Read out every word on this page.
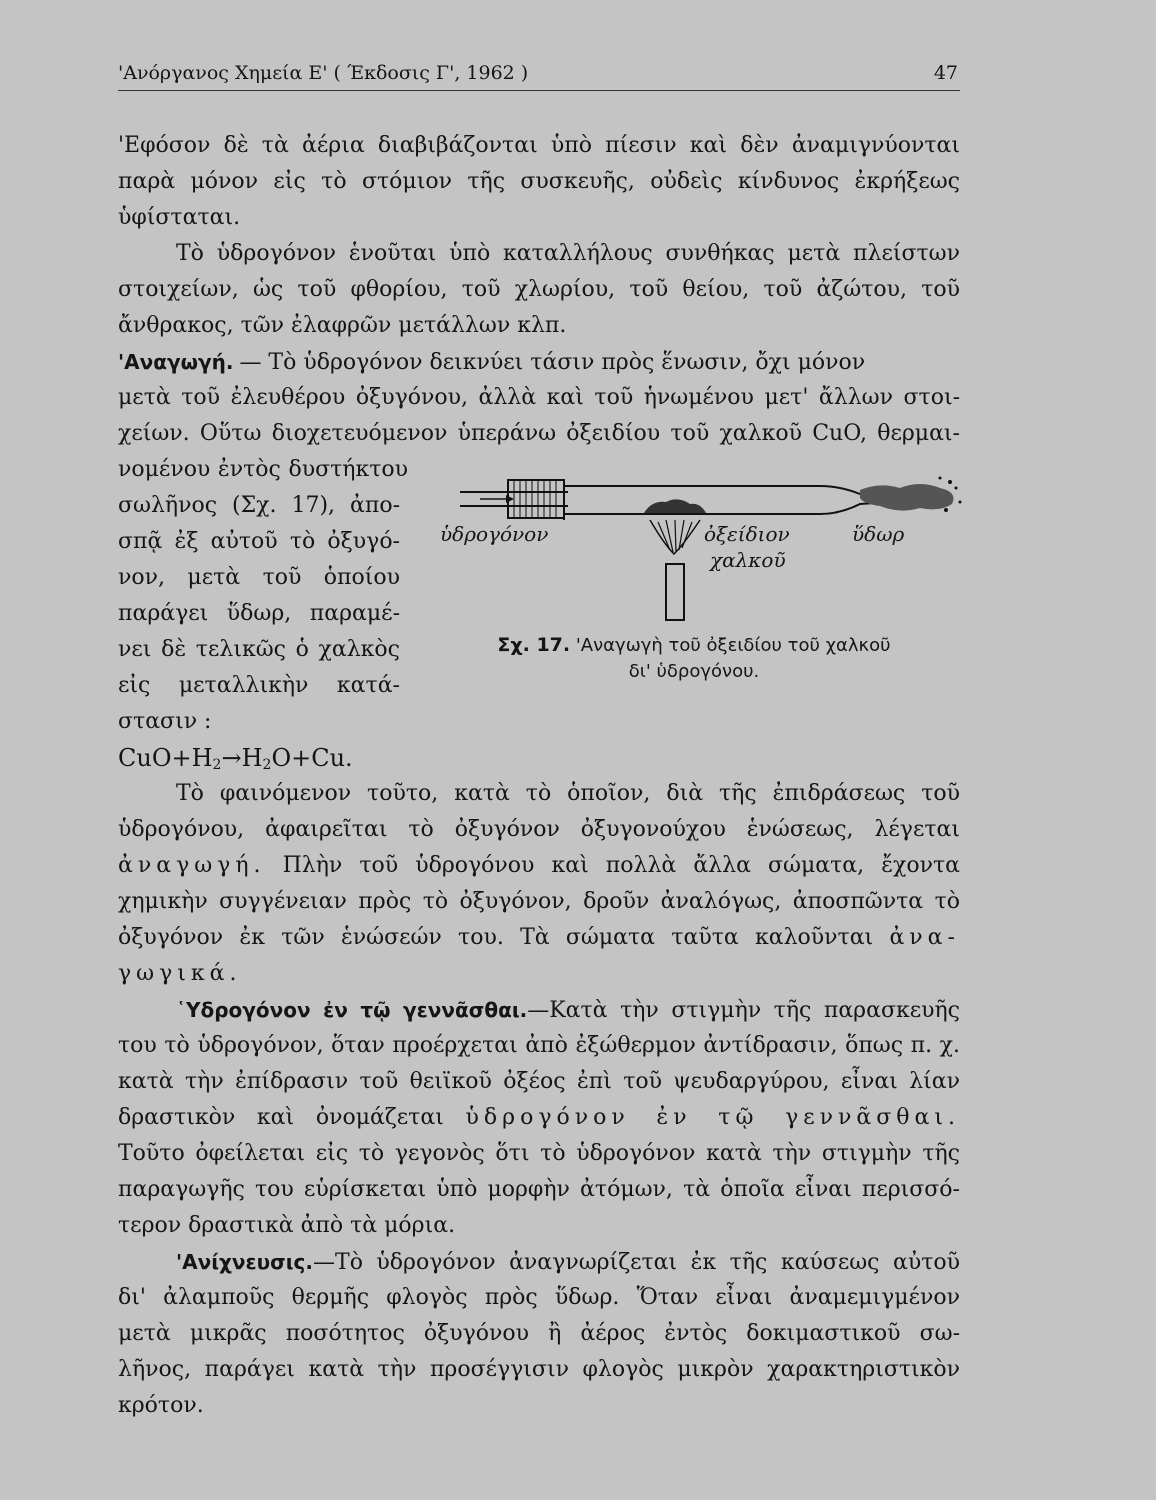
'Ανόργανος Χημεία Ε' ( Έκδοσις Γ', 1962 )	47
'Εφόσον δὲ τὰ ἀέρια διαβιβάζονται ὑπὸ πίεσιν καὶ δὲν ἀναμιγνύονται
παρὰ μόνον εἰς τὸ στόμιον τῆς συσκευῆς, οὐδεὶς κίνδυνος ἐκρήξεως
ὑφίσταται.
Τὸ ὑδρογόνον ἑνοῦται ὑπὸ καταλλήλους συνθήκας μετὰ πλείστων
στοιχείων, ὡς τοῦ φθορίου, τοῦ χλωρίου, τοῦ θείου, τοῦ ἀζώτου, τοῦ
ἄνθρακος, τῶν ἐλαφρῶν μετάλλων κλπ.
'Αναγωγή. — Τὸ ὑδρογόνον δεικνύει τάσιν πρὸς ἕνωσιν, ὄχι μόνον
μετὰ τοῦ ἐλευθέρου ὀξυγόνου, ἀλλὰ καὶ τοῦ ἡνωμένου μετ' ἄλλων στοι-
χείων. Οὕτω διοχετευόμενον ὑπεράνω ὀξειδίου τοῦ χαλκοῦ CuO, θερμαι-
νομένου ἐντὸς δυστήκτου
σωλῆνος (Σχ. 17), ἀπο-
σπᾷ ἐξ αὐτοῦ τὸ ὀξυγό-
νον, μετὰ τοῦ ὁποίου
παράγει ὕδωρ, παραμέ-
νει δὲ τελικῶς ὁ χαλκὸς
εἰς μεταλλικὴν κατά-
στασιν :
$CuO+H_2\to H_2O+Cu$.
ὑδρογόνον	ὀξείδιον
χαλκοῦ
ὕδωρ
Σχ. 17. 'Αναγωγὴ τοῦ ὀξειδίου τοῦ χαλκοῦ
δι' ὑδρογόνου.
Τὸ φαινόμενον τοῦτο, κατὰ τὸ ὁποῖον, διὰ τῆς ἐπιδράσεως τοῦ
ὑδρογόνου, ἀφαιρεῖται τὸ ὀξυγόνον ὀξυγονούχου ἑνώσεως, λέγεται
ἀναγωγή. Πλὴν τοῦ ὑδρογόνου καὶ πολλὰ ἄλλα σώματα, ἔχοντα
χημικὴν συγγένειαν πρὸς τὸ ὀξυγόνον, δροῦν ἀναλόγως, ἀποσπῶντα τὸ
ὀξυγόνον ἐκ τῶν ἑνώσεών του. Τὰ σώματα ταῦτα καλοῦνται ἀνα-
γωγικά.
῾Υδρογόνον ἐν τῷ γεννᾶσθαι.—Κατὰ τὴν στιγμὴν τῆς παρασκευῆς
του τὸ ὑδρογόνον, ὅταν προέρχεται ἀπὸ ἐξώθερμον ἀντίδρασιν, ὅπως π. χ.
κατὰ τὴν ἐπίδρασιν τοῦ θειϊκοῦ ὀξέος ἐπὶ τοῦ ψευδαργύρου, εἶναι λίαν
δραστικὸν καὶ ὀνομάζεται ὑδρογόνον ἐν τῷ γεννᾶσθαι.
Τοῦτο ὀφείλεται εἰς τὸ γεγονὸς ὅτι τὸ ὑδρογόνον κατὰ τὴν στιγμὴν τῆς
παραγωγῆς του εὑρίσκεται ὑπὸ μορφὴν ἀτόμων, τὰ ὁποῖα εἶναι περισσό-
τερον δραστικὰ ἀπὸ τὰ μόρια.
'Ανίχνευσις.—Τὸ ὑδρογόνον ἀναγνωρίζεται ἐκ τῆς καύσεως αὐτοῦ
δι' ἀλαμποῦς θερμῆς φλογὸς πρὸς ὕδωρ. Ὅταν εἶναι ἀναμεμιγμένον
μετὰ μικρᾶς ποσότητος ὀξυγόνου ἢ ἀέρος ἐντὸς δοκιμαστικοῦ σω-
λῆνος, παράγει κατὰ τὴν προσέγγισιν φλογὸς μικρὸν χαρακτηριστικὸν
κρότον.
